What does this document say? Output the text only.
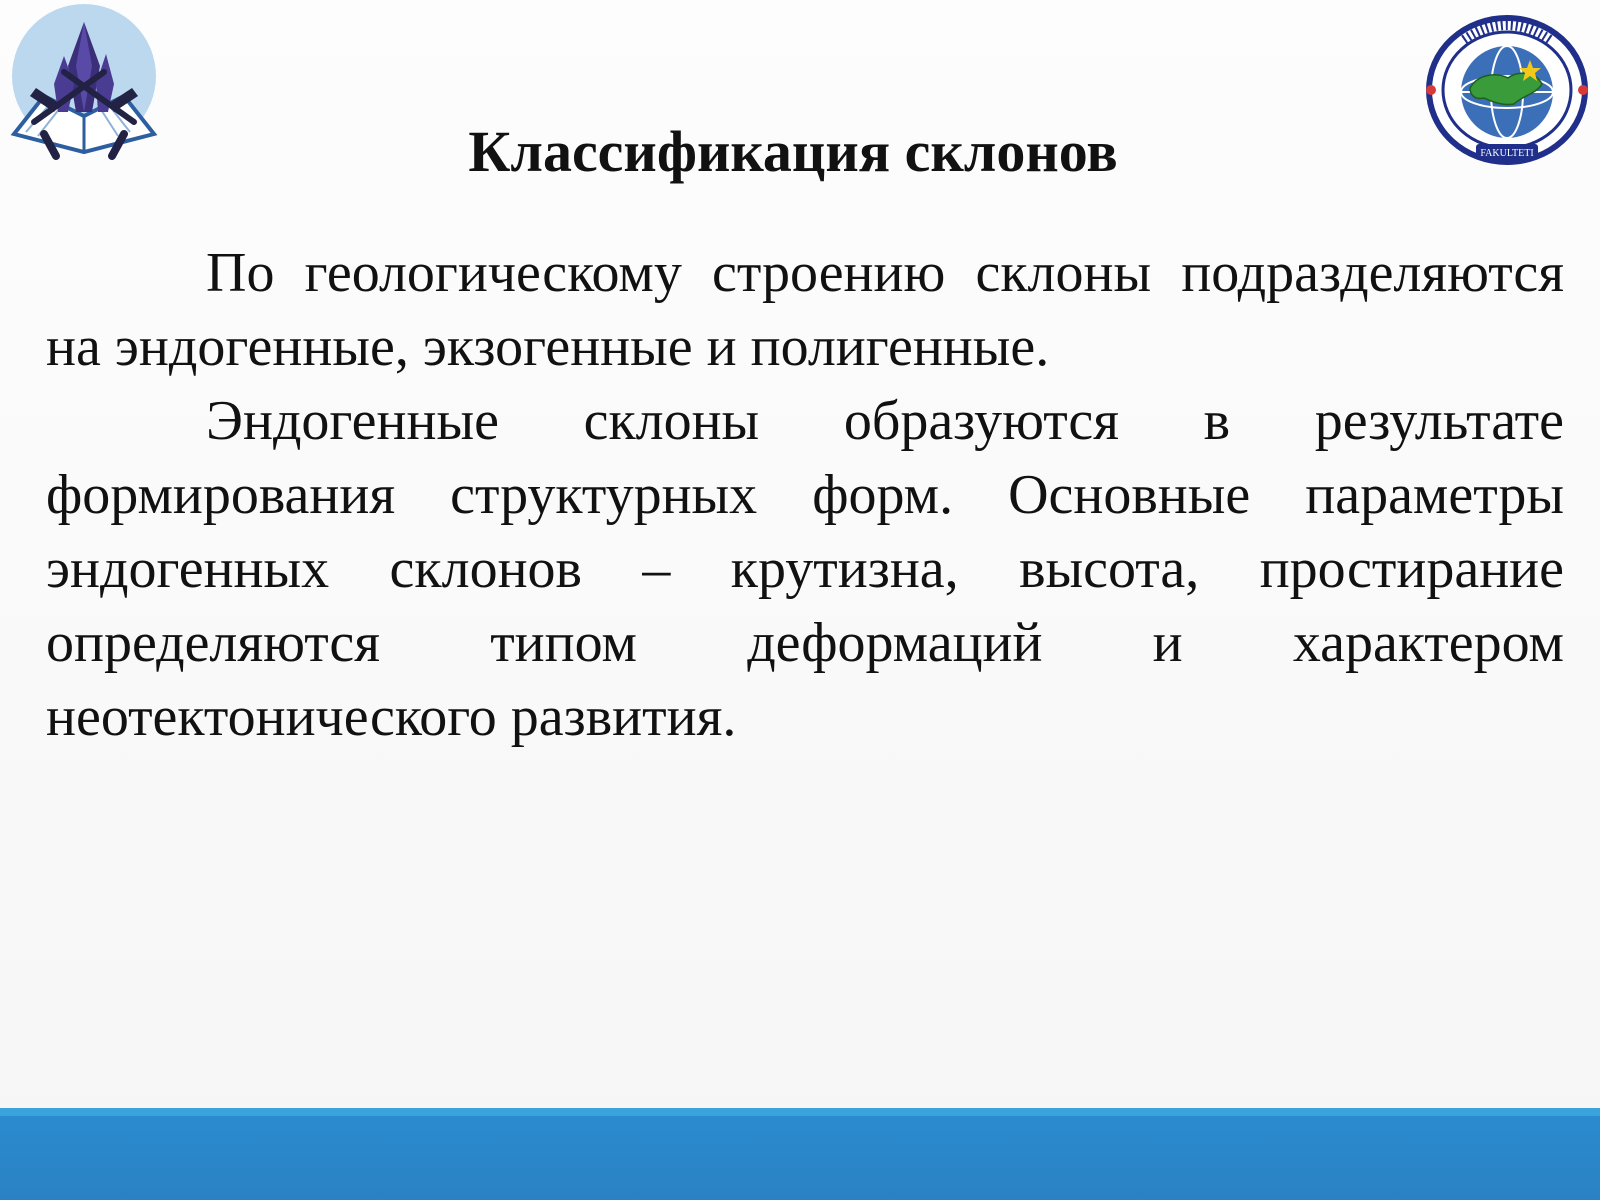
FAKULTETI
Классификация склонов

По геологическому строению склоны подразделяются на эндогенные, экзогенные и полигенные.

Эндогенные склоны образуются в результате формирования структурных форм. Основные параметры эндогенных склонов – крутизна, высота, простирание определяются типом деформаций и характером неотектонического развития.
